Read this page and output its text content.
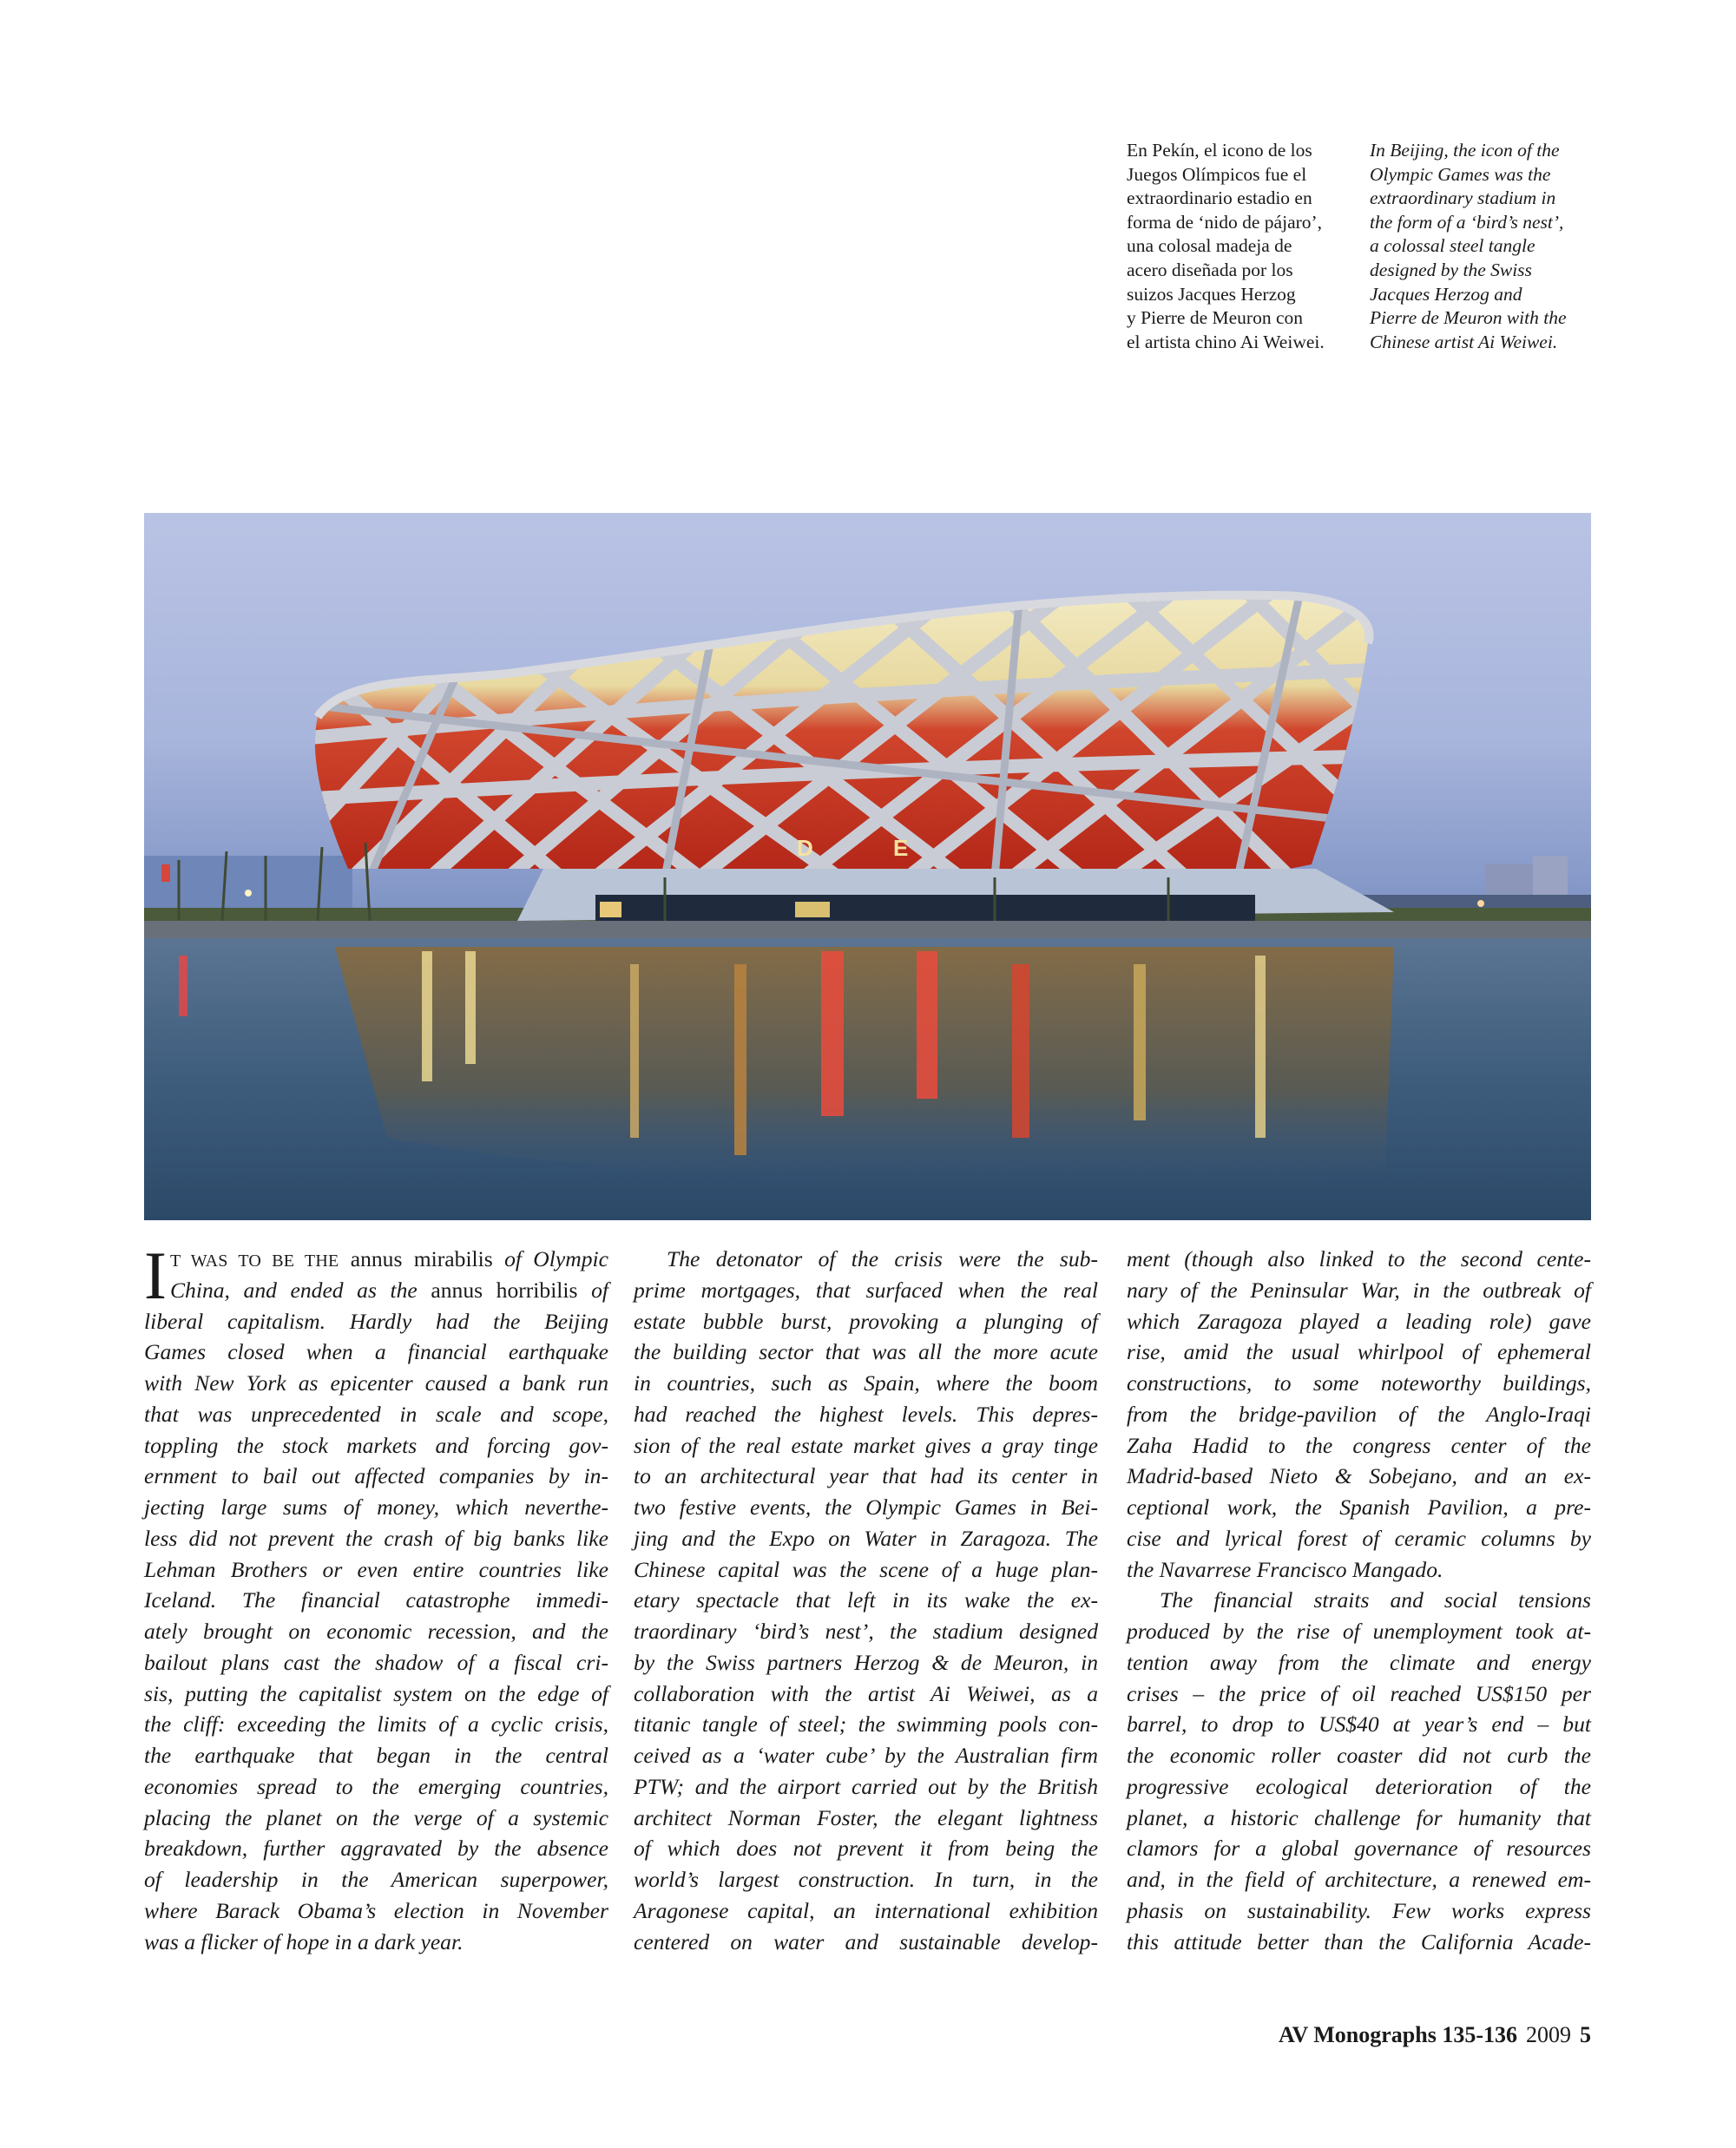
En Pekín, el icono de los
Juegos Olímpicos fue el
extraordinario estadio en
forma de ‘nido de pájaro’,
una colosal madeja de
acero diseñada por los
suizos Jacques Herzog
y Pierre de Meuron con
el artista chino Ai Weiwei.
In Beijing, the icon of the
Olympic Games was the
extraordinary stadium in
the form of a ‘bird’s nest’,
a colossal steel tangle
designed by the Swiss
Jacques Herzog and
Pierre de Meuron with the
Chinese artist Ai Weiwei.
D	E
I T WAS TO BE THE annus mirabilis of Olympic
China, and ended as the annus horribilis of
liberal capitalism. Hardly had the Beijing
Games closed when a financial earthquake
with New York as epicenter caused a bank run
that was unprecedented in scale and scope,
toppling the stock markets and forcing gov-
ernment to bail out affected companies by in-
jecting large sums of money, which neverthe-
less did not prevent the crash of big banks like
Lehman Brothers or even entire countries like
Iceland. The financial catastrophe immedi-
ately brought on economic recession, and the
bailout plans cast the shadow of a fiscal cri-
sis, putting the capitalist system on the edge of
the cliff: exceeding the limits of a cyclic crisis,
the earthquake that began in the central
economies spread to the emerging countries,
placing the planet on the verge of a systemic
breakdown, further aggravated by the absence
of leadership in the American superpower,
where Barack Obama’s election in November
was a flicker of hope in a dark year.
The detonator of the crisis were the sub-
prime mortgages, that surfaced when the real
estate bubble burst, provoking a plunging of
the building sector that was all the more acute
in countries, such as Spain, where the boom
had reached the highest levels. This depres-
sion of the real estate market gives a gray tinge
to an architectural year that had its center in
two festive events, the Olympic Games in Bei-
jing and the Expo on Water in Zaragoza. The
Chinese capital was the scene of a huge plan-
etary spectacle that left in its wake the ex-
traordinary ‘bird’s nest’, the stadium designed
by the Swiss partners Herzog & de Meuron, in
collaboration with the artist Ai Weiwei, as a
titanic tangle of steel; the swimming pools con-
ceived as a ‘water cube’ by the Australian firm
PTW; and the airport carried out by the British
architect Norman Foster, the elegant lightness
of which does not prevent it from being the
world’s largest construction. In turn, in the
Aragonese capital, an international exhibition
centered on water and sustainable develop-
ment (though also linked to the second cente-
nary of the Peninsular War, in the outbreak of
which Zaragoza played a leading role) gave
rise, amid the usual whirlpool of ephemeral
constructions, to some noteworthy buildings,
from the bridge-pavilion of the Anglo-Iraqi
Zaha Hadid to the congress center of the
Madrid-based Nieto & Sobejano, and an ex-
ceptional work, the Spanish Pavilion, a pre-
cise and lyrical forest of ceramic columns by
the Navarrese Francisco Mangado.
The financial straits and social tensions
produced by the rise of unemployment took at-
tention away from the climate and energy
crises – the price of oil reached US$150 per
barrel, to drop to US$40 at year’s end – but
the economic roller coaster did not curb the
progressive ecological deterioration of the
planet, a historic challenge for humanity that
clamors for a global governance of resources
and, in the field of architecture, a renewed em-
phasis on sustainability. Few works express
this attitude better than the California Acade-
AV Monographs 135-136 2009 5
